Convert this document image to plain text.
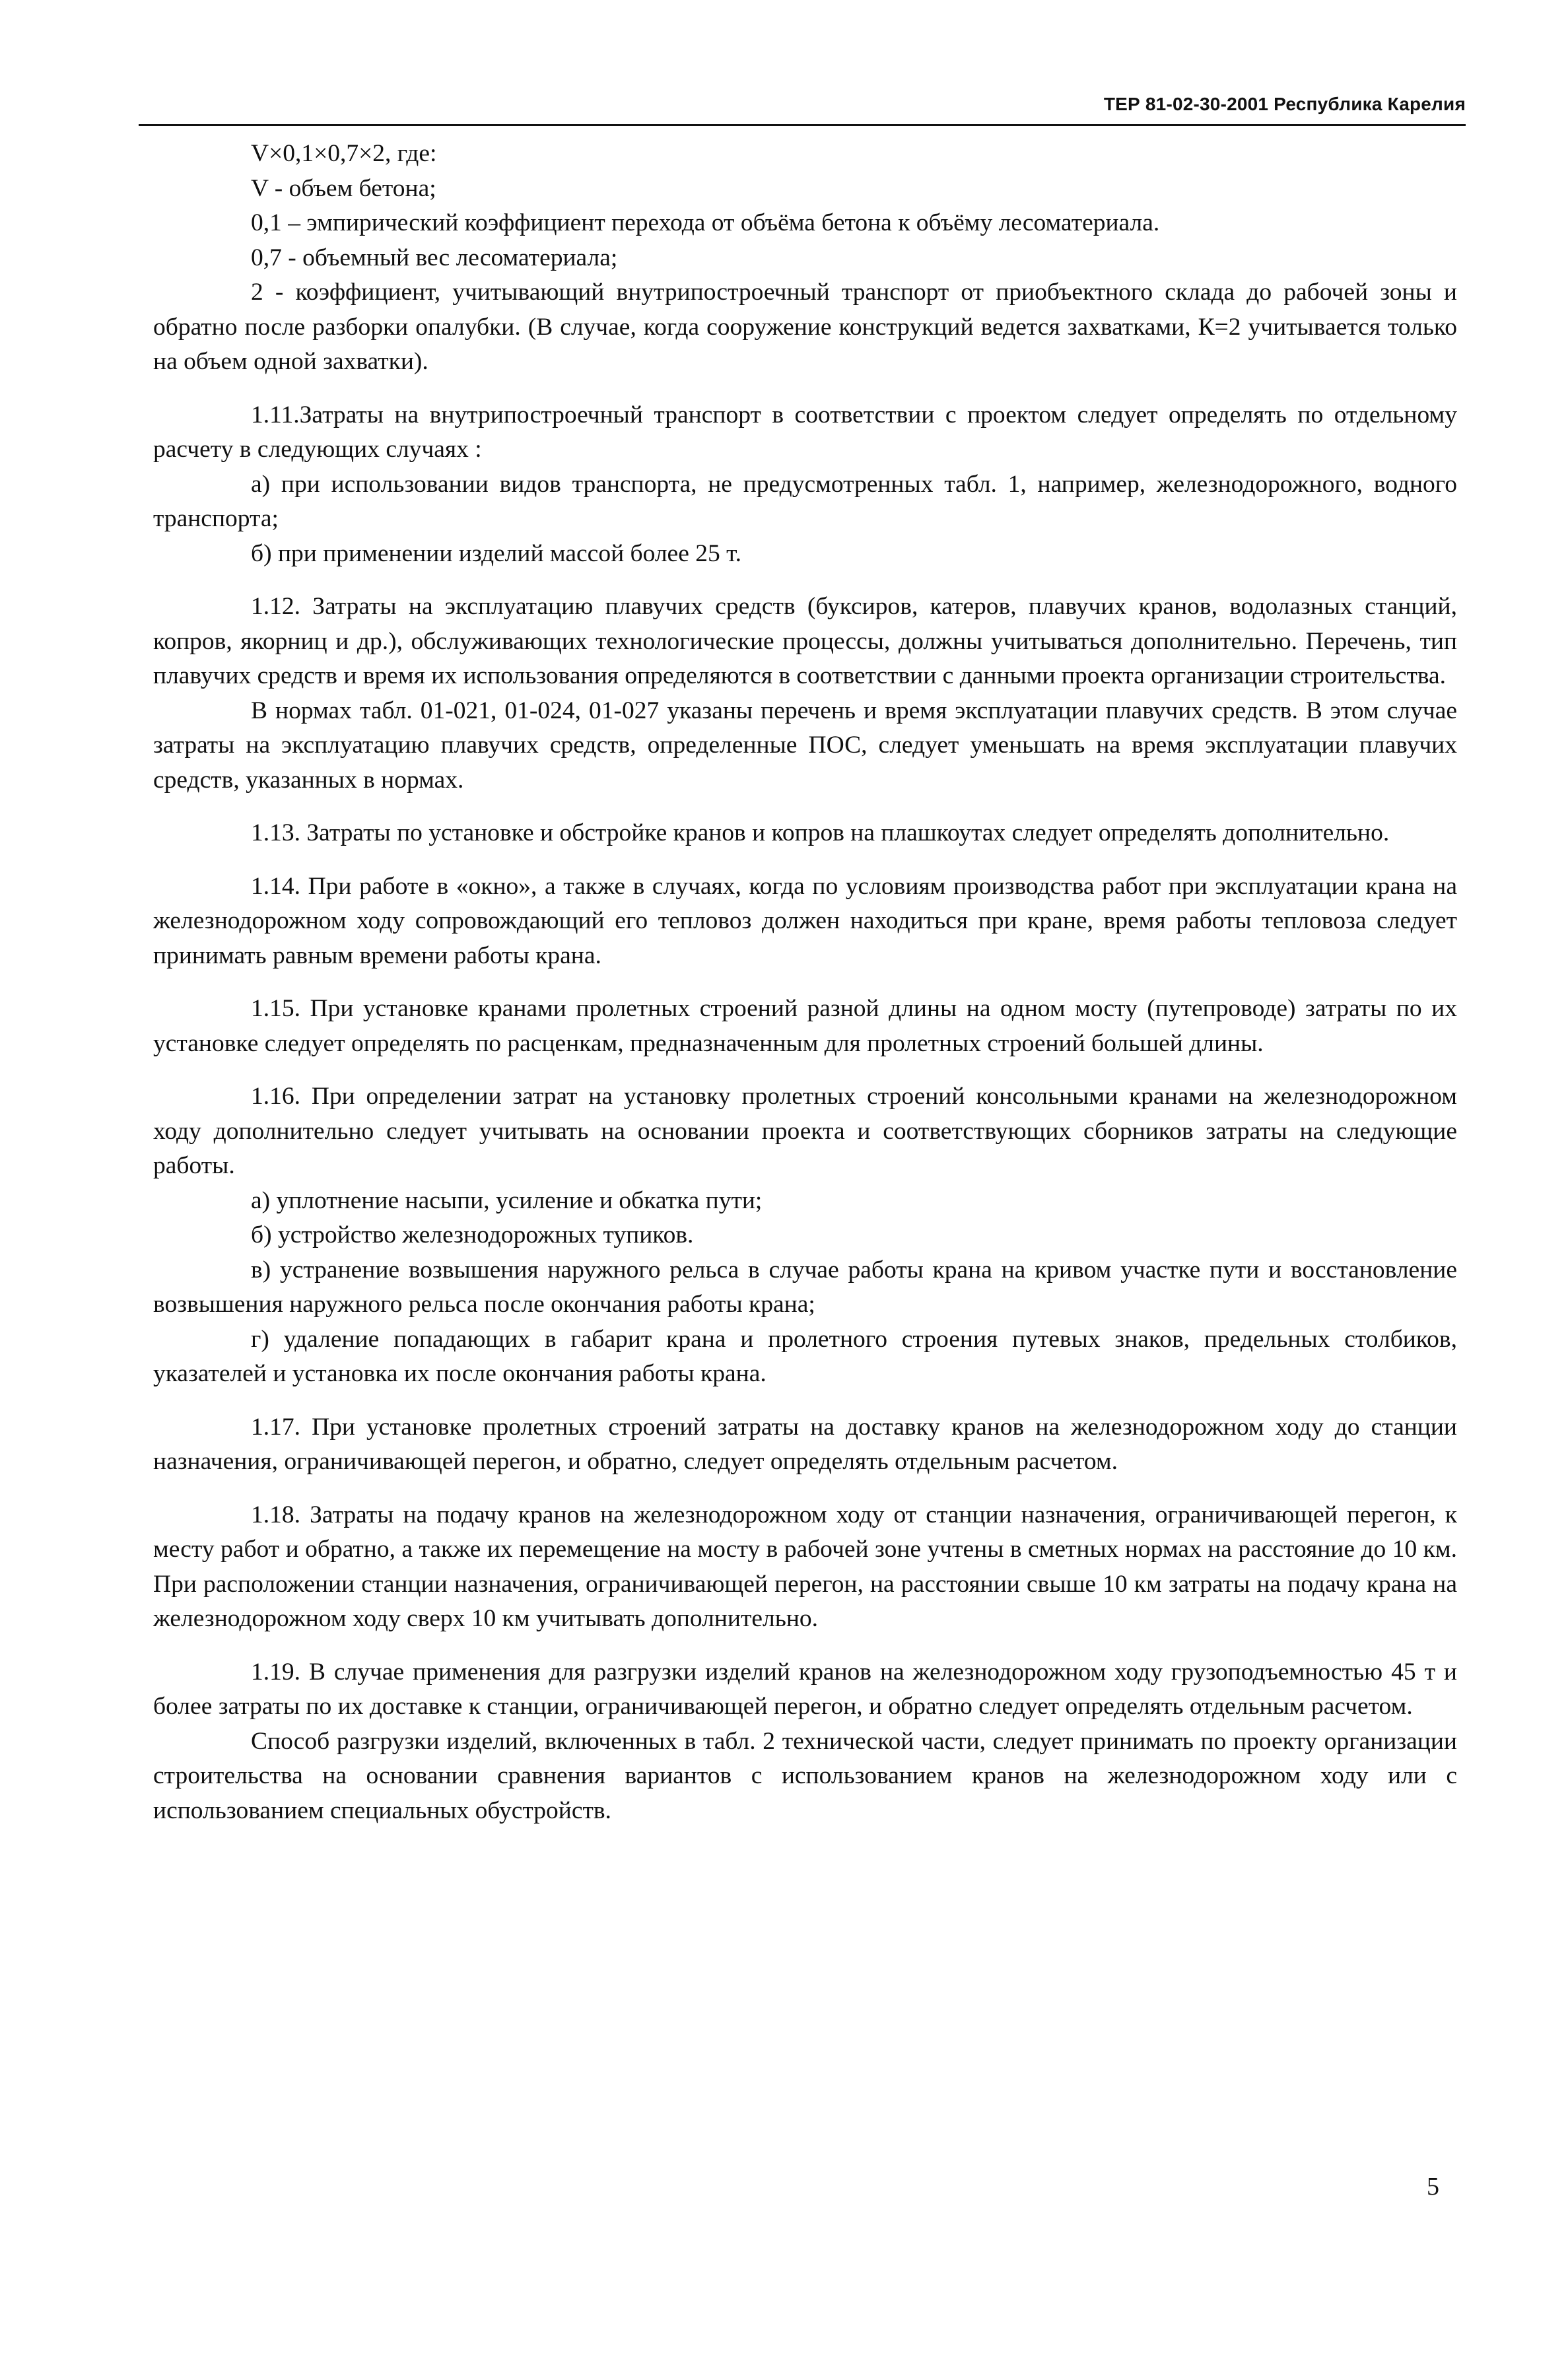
ТЕР 81-02-30-2001 Республика Карелия

V×0,1×0,7×2, где:

V - объем бетона;

0,1 – эмпирический коэффициент перехода от объёма бетона к объёму лесоматериала.

0,7 - объемный вес лесоматериала;

2 - коэффициент, учитывающий внутрипостроечный транспорт от приобъектного склада до рабочей зоны и обратно после разборки опалубки. (В случае, когда сооружение конструкций ведется захватками, К=2 учитывается только на объем одной захватки).

1.11.Затраты на внутрипостроечный транспорт в соответствии с проектом следует определять по отдельному расчету в следующих случаях :

а) при использовании видов транспорта, не предусмотренных табл. 1, например, железнодорожного, водного транспорта;

б) при применении изделий массой более 25 т.

1.12. Затраты на эксплуатацию плавучих средств (буксиров, катеров, плавучих кранов, водолазных станций, копров, якорниц и др.), обслуживающих технологические процессы, должны учитываться дополнительно. Перечень, тип плавучих средств и время их использования определяются в соответствии с данными проекта организации строительства.

В нормах табл. 01-021, 01-024, 01-027 указаны перечень и время эксплуатации плавучих средств. В этом случае затраты на эксплуатацию плавучих средств, определенные ПОС, следует уменьшать на время эксплуатации плавучих средств, указанных в нормах.

1.13. Затраты по установке и обстройке кранов и копров на плашкоутах следует определять дополнительно.

1.14. При работе в «окно», а также в случаях, когда по условиям производства работ при эксплуатации крана на железнодорожном ходу сопровождающий его тепловоз должен находиться при кране, время работы тепловоза следует принимать равным времени работы крана.

1.15. При установке кранами пролетных строений разной длины на одном мосту (путепроводе) затраты по их установке следует определять по расценкам, предназначенным для пролетных строений большей длины.

1.16. При определении затрат на установку пролетных строений консольными кранами на железнодорожном ходу дополнительно следует учитывать на основании проекта и соответствующих сборников затраты на следующие работы.

а) уплотнение насыпи, усиление и обкатка пути;

б) устройство железнодорожных тупиков.

в) устранение возвышения наружного рельса в случае работы крана на кривом участке пути и восстановление возвышения наружного рельса после окончания работы крана;

г) удаление попадающих в габарит крана и пролетного строения путевых знаков, предельных столбиков, указателей и установка их после окончания работы крана.

1.17. При установке пролетных строений затраты на доставку кранов на железнодорожном ходу до станции назначения, ограничивающей перегон, и обратно, следует определять отдельным расчетом.

1.18. Затраты на подачу кранов на железнодорожном ходу от станции назначения, ограничивающей перегон, к месту работ и обратно, а также их перемещение на мосту в рабочей зоне учтены в сметных нормах на расстояние до 10 км. При расположении станции назначения, ограничивающей перегон, на расстоянии свыше 10 км затраты на подачу крана на железнодорожном ходу сверх 10 км учитывать дополнительно.

1.19. В случае применения для разгрузки изделий кранов на железнодорожном ходу грузоподъемностью 45 т и более затраты по их доставке к станции, ограничивающей перегон, и обратно следует определять отдельным расчетом.

Способ разгрузки изделий, включенных в табл. 2 технической части, следует принимать по проекту организации строительства на основании сравнения вариантов с использованием кранов на железнодорожном ходу или с использованием специальных обустройств.

5
